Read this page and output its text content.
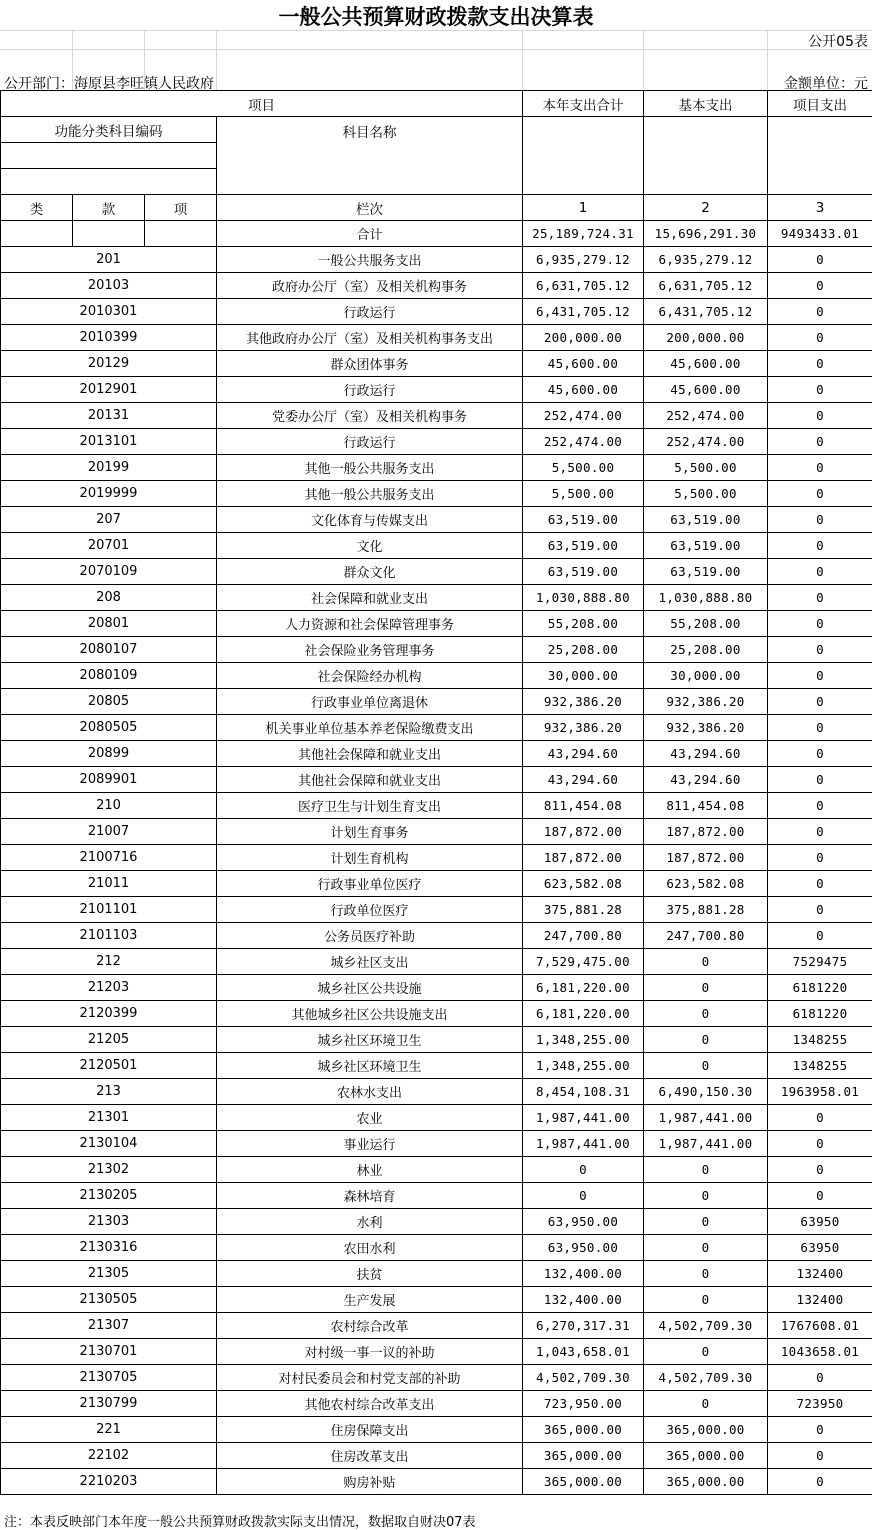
一般公共预算财政拨款支出决算表
公开05表
公开部门：海原县李旺镇人民政府	金额单位：元
项目				本年支出合计	基本支出	项目支出
功能分类科目编码			科目名称			

类	款	项	栏次	1	2	3
			合计	25,189,724.31	15,696,291.30	9493433.01
201			一般公共服务支出	6,935,279.12	6,935,279.12	0
20103			政府办公厅（室）及相关机构事务	6,631,705.12	6,631,705.12	0
2010301			行政运行	6,431,705.12	6,431,705.12	0
2010399			其他政府办公厅（室）及相关机构事务支出	200,000.00	200,000.00	0
20129			群众团体事务	45,600.00	45,600.00	0
2012901			行政运行	45,600.00	45,600.00	0
20131			党委办公厅（室）及相关机构事务	252,474.00	252,474.00	0
2013101			行政运行	252,474.00	252,474.00	0
20199			其他一般公共服务支出	5,500.00	5,500.00	0
2019999			其他一般公共服务支出	5,500.00	5,500.00	0
207			文化体育与传媒支出	63,519.00	63,519.00	0
20701			文化	63,519.00	63,519.00	0
2070109			群众文化	63,519.00	63,519.00	0
208			社会保障和就业支出	1,030,888.80	1,030,888.80	0
20801			人力资源和社会保障管理事务	55,208.00	55,208.00	0
2080107			社会保险业务管理事务	25,208.00	25,208.00	0
2080109			社会保险经办机构	30,000.00	30,000.00	0
20805			行政事业单位离退休	932,386.20	932,386.20	0
2080505			机关事业单位基本养老保险缴费支出	932,386.20	932,386.20	0
20899			其他社会保障和就业支出	43,294.60	43,294.60	0
2089901			其他社会保障和就业支出	43,294.60	43,294.60	0
210			医疗卫生与计划生育支出	811,454.08	811,454.08	0
21007			计划生育事务	187,872.00	187,872.00	0
2100716			计划生育机构	187,872.00	187,872.00	0
21011			行政事业单位医疗	623,582.08	623,582.08	0
2101101			行政单位医疗	375,881.28	375,881.28	0
2101103			公务员医疗补助	247,700.80	247,700.80	0
212			城乡社区支出	7,529,475.00	0	7529475
21203			城乡社区公共设施	6,181,220.00	0	6181220
2120399			其他城乡社区公共设施支出	6,181,220.00	0	6181220
21205			城乡社区环境卫生	1,348,255.00	0	1348255
2120501			城乡社区环境卫生	1,348,255.00	0	1348255
213			农林水支出	8,454,108.31	6,490,150.30	1963958.01
21301			农业	1,987,441.00	1,987,441.00	0
2130104			事业运行	1,987,441.00	1,987,441.00	0
21302			林业	0	0	0
2130205			森林培育	0	0	0
21303			水利	63,950.00	0	63950
2130316			农田水利	63,950.00	0	63950
21305			扶贫	132,400.00	0	132400
2130505			生产发展	132,400.00	0	132400
21307			农村综合改革	6,270,317.31	4,502,709.30	1767608.01
2130701			对村级一事一议的补助	1,043,658.01	0	1043658.01
2130705			对村民委员会和村党支部的补助	4,502,709.30	4,502,709.30	0
2130799			其他农村综合改革支出	723,950.00	0	723950
221			住房保障支出	365,000.00	365,000.00	0
22102			住房改革支出	365,000.00	365,000.00	0
2210203			购房补贴	365,000.00	365,000.00	0
注：本表反映部门本年度一般公共预算财政拨款实际支出情况，数据取自财决07表
